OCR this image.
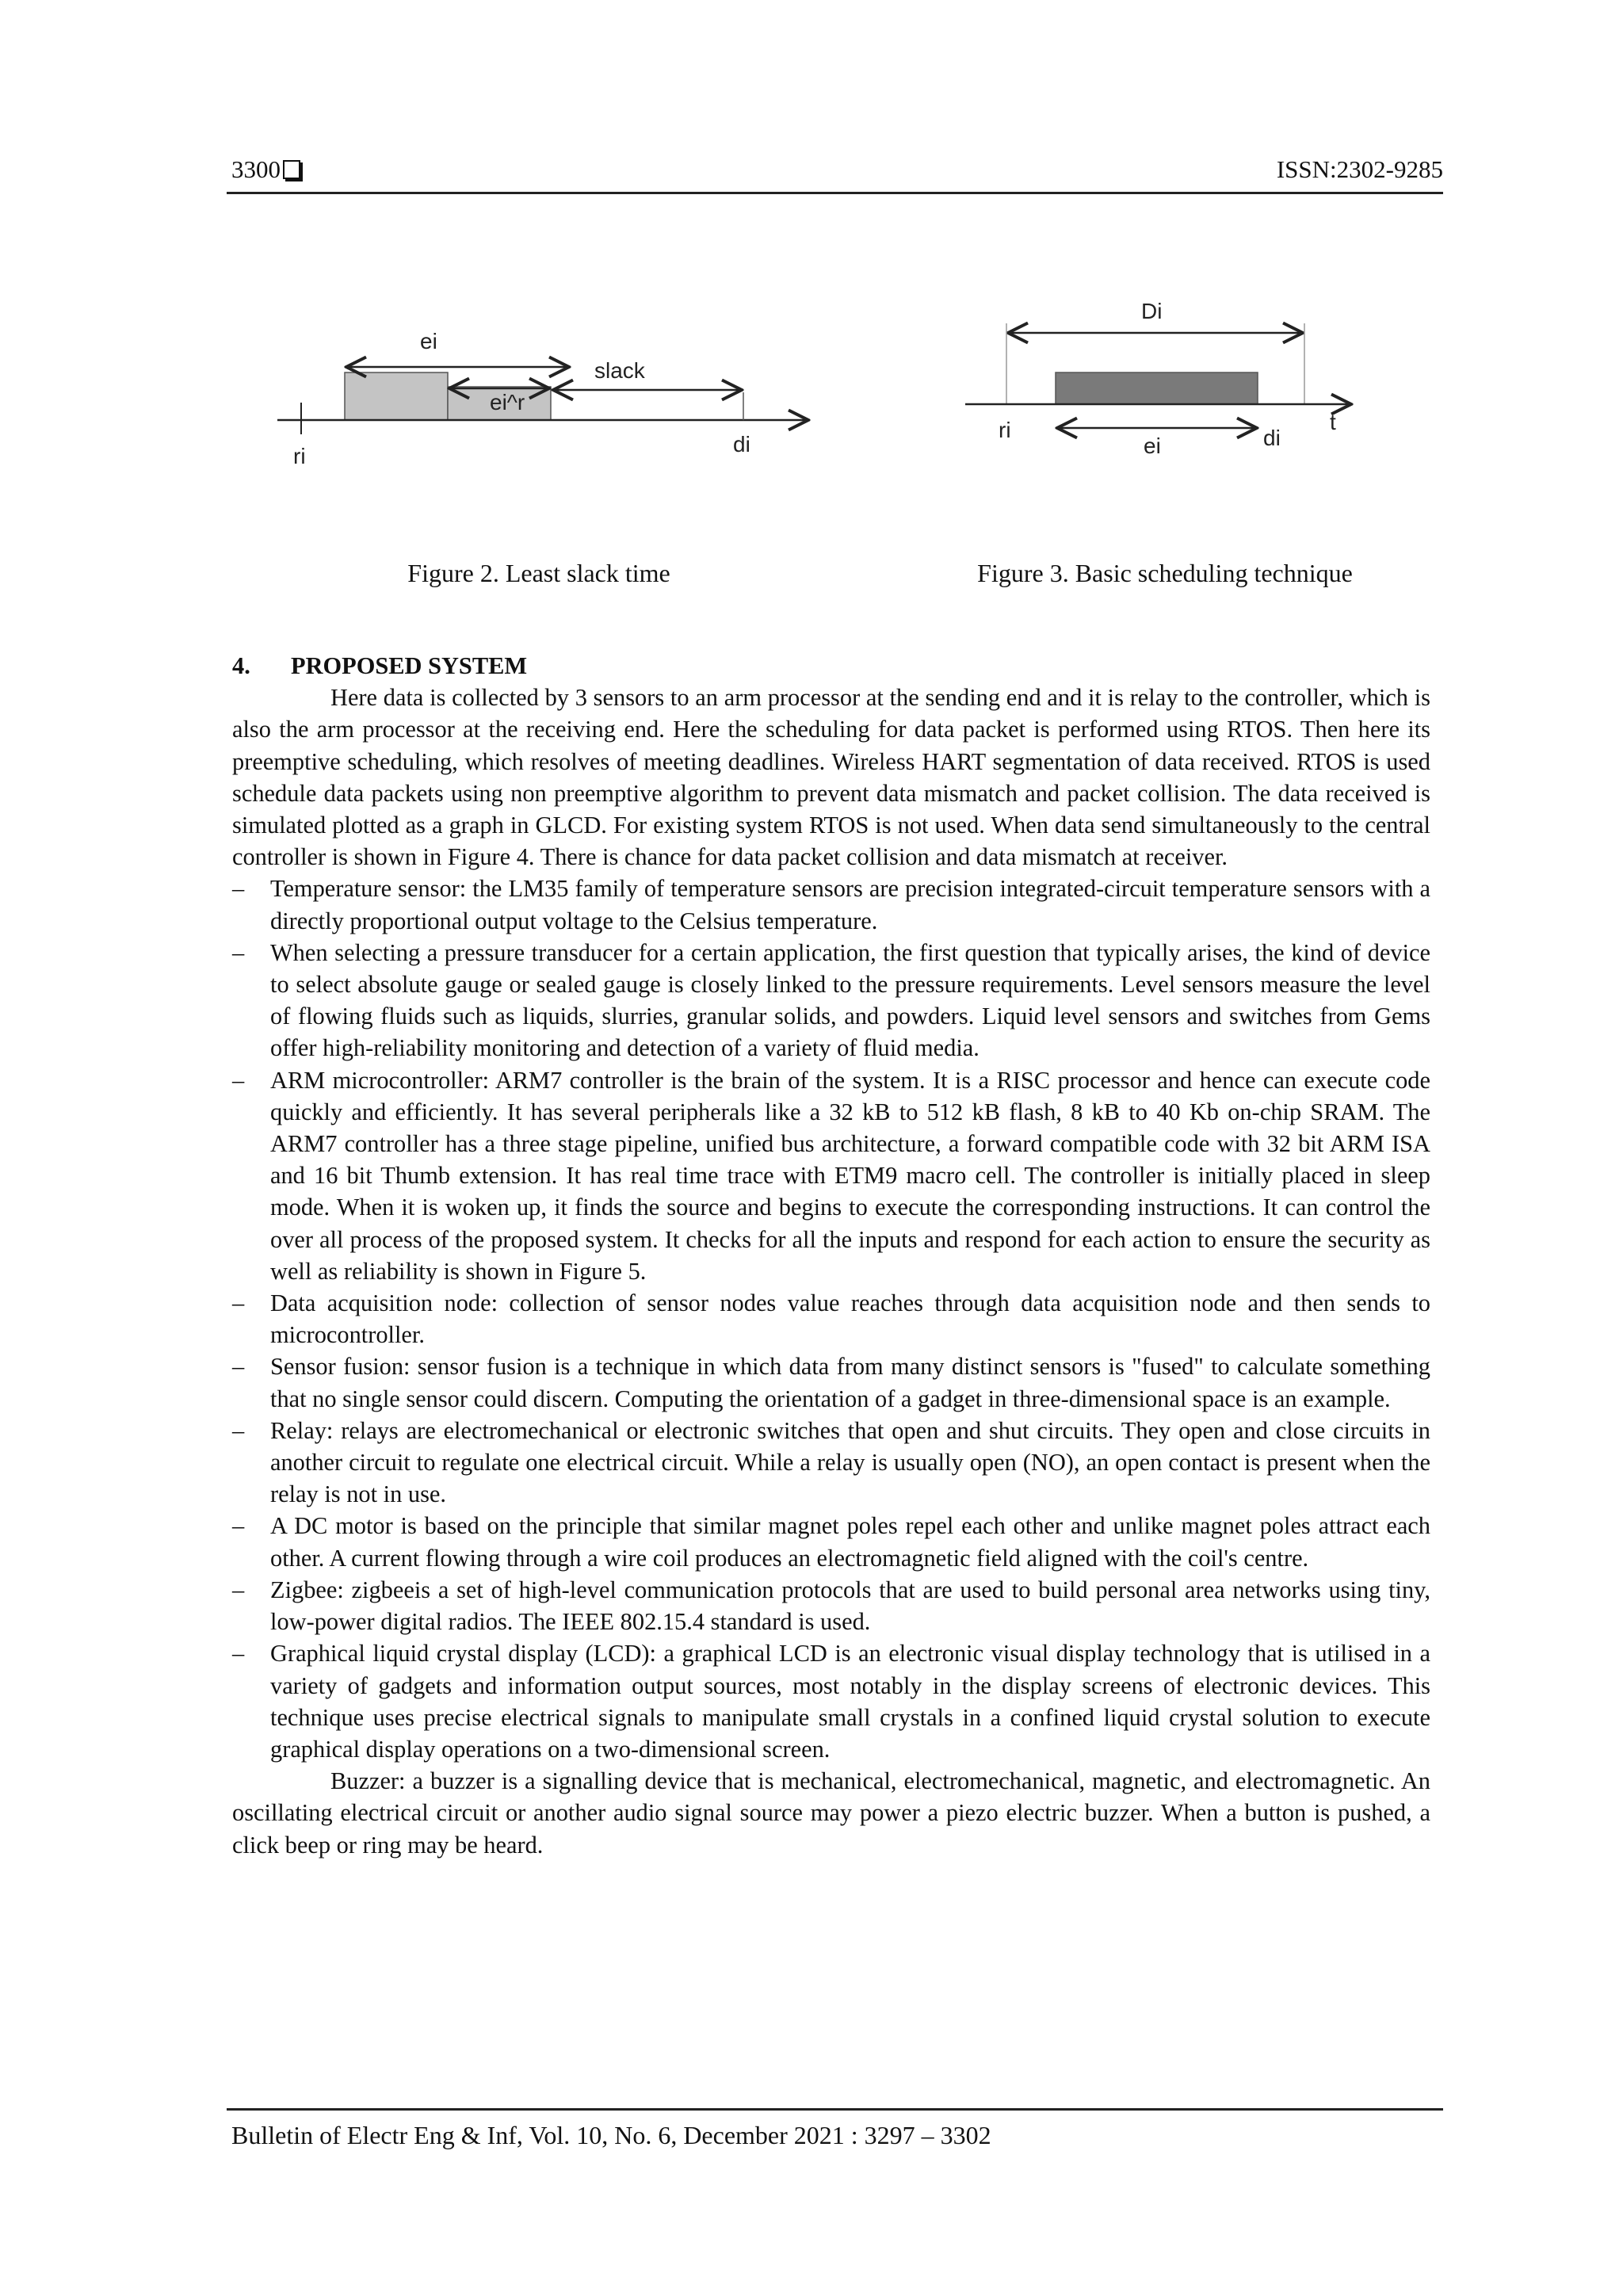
3300	ISSN:2302-9285
ei
ei^r
slack
ri	di
Di
ri
ei	di
t
Figure 2. Least slack time	Figure 3. Basic scheduling technique

4. PROPOSED SYSTEM

Here data is collected by 3 sensors to an arm processor at the sending end and it is relay to the controller, which is also the arm processor at the receiving end. Here the scheduling for data packet is performed using RTOS. Then here its preemptive scheduling, which resolves of meeting deadlines. Wireless HART segmentation of data received. RTOS is used schedule data packets using non preemptive algorithm to prevent data mismatch and packet collision. The data received is simulated plotted as a graph in GLCD. For existing system RTOS is not used. When data send simultaneously to the central controller is shown in Figure 4. There is chance for data packet collision and data mismatch at receiver.

– Temperature sensor: the LM35 family of temperature sensors are precision integrated-circuit temperature sensors with a directly proportional output voltage to the Celsius temperature.
– When selecting a pressure transducer for a certain application, the first question that typically arises, the kind of device to select absolute gauge or sealed gauge is closely linked to the pressure requirements. Level sensors measure the level of flowing fluids such as liquids, slurries, granular solids, and powders. Liquid level sensors and switches from Gems offer high-reliability monitoring and detection of a variety of fluid media.
– ARM microcontroller: ARM7 controller is the brain of the system. It is a RISC processor and hence can execute code quickly and efficiently. It has several peripherals like a 32 kB to 512 kB flash, 8 kB to 40 Kb on-chip SRAM. The ARM7 controller has a three stage pipeline, unified bus architecture, a forward compatible code with 32 bit ARM ISA and 16 bit Thumb extension. It has real time trace with ETM9 macro cell. The controller is initially placed in sleep mode. When it is woken up, it finds the source and begins to execute the corresponding instructions. It can control the over all process of the proposed system. It checks for all the inputs and respond for each action to ensure the security as well as reliability is shown in Figure 5.
– Data acquisition node: collection of sensor nodes value reaches through data acquisition node and then sends to microcontroller.
– Sensor fusion: sensor fusion is a technique in which data from many distinct sensors is "fused" to calculate something that no single sensor could discern. Computing the orientation of a gadget in three-dimensional space is an example.
– Relay: relays are electromechanical or electronic switches that open and shut circuits. They open and close circuits in another circuit to regulate one electrical circuit. While a relay is usually open (NO), an open contact is present when the relay is not in use.
– A DC motor is based on the principle that similar magnet poles repel each other and unlike magnet poles attract each other. A current flowing through a wire coil produces an electromagnetic field aligned with the coil's centre.
– Zigbee: zigbeeis a set of high-level communication protocols that are used to build personal area networks using tiny, low-power digital radios. The IEEE 802.15.4 standard is used.
– Graphical liquid crystal display (LCD): a graphical LCD is an electronic visual display technology that is utilised in a variety of gadgets and information output sources, most notably in the display screens of electronic devices. This technique uses precise electrical signals to manipulate small crystals in a confined liquid crystal solution to execute graphical display operations on a two-dimensional screen.

Buzzer: a buzzer is a signalling device that is mechanical, electromechanical, magnetic, and electromagnetic. An oscillating electrical circuit or another audio signal source may power a piezo electric buzzer. When a button is pushed, a click beep or ring may be heard.

Bulletin of Electr Eng & Inf, Vol. 10, No. 6, December 2021 : 3297 – 3302
